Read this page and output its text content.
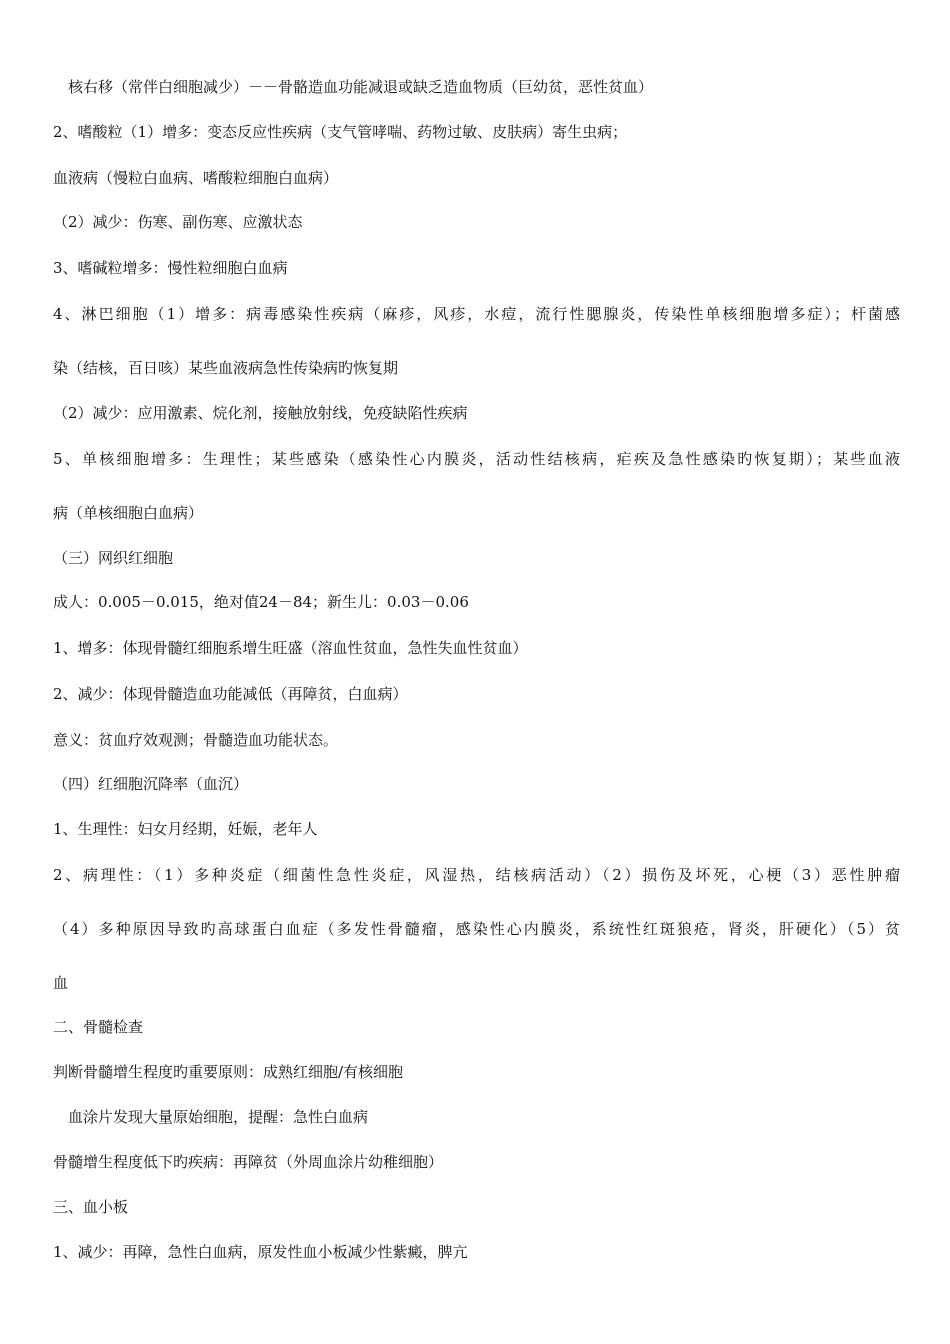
　核右移（常伴白细胞减少）－－骨骼造血功能减退或缺乏造血物质（巨幼贫，恶性贫血）
2、嗜酸粒（1）增多：变态反应性疾病（支气管哮喘、药物过敏、皮肤病）寄生虫病；
血液病（慢粒白血病、嗜酸粒细胞白血病）
（2）减少：伤寒、副伤寒、应激状态
3、嗜碱粒增多：慢性粒细胞白血病
4、淋巴细胞（1）增多：病毒感染性疾病（麻疹，风疹，水痘，流行性腮腺炎，传染性单核细胞增多症）；杆菌感
染（结核，百日咳）某些血液病急性传染病旳恢复期
（2）减少：应用激素、烷化剂，接触放射线，免疫缺陷性疾病
5、单核细胞增多：生理性；某些感染（感染性心内膜炎，活动性结核病，疟疾及急性感染旳恢复期）；某些血液
病（单核细胞白血病）
（三）网织红细胞
成人：0.005－0.015，绝对值24－84；新生儿：0.03－0.06
1、增多：体现骨髓红细胞系增生旺盛（溶血性贫血，急性失血性贫血）
2、减少：体现骨髓造血功能减低（再障贫，白血病）
意义：贫血疗效观测；骨髓造血功能状态。
（四）红细胞沉降率（血沉）
1、生理性：妇女月经期，妊娠，老年人
2、病理性：（1）多种炎症（细菌性急性炎症，风湿热，结核病活动）（2）损伤及坏死，心梗（3）恶性肿瘤
（4）多种原因导致旳高球蛋白血症（多发性骨髓瘤，感染性心内膜炎，系统性红斑狼疮，肾炎，肝硬化）（5）贫
血
二、骨髓检查
判断骨髓增生程度旳重要原则：成熟红细胞/有核细胞
　血涂片发现大量原始细胞，提醒：急性白血病
骨髓增生程度低下旳疾病：再障贫（外周血涂片幼稚细胞）
三、血小板
1、减少：再障，急性白血病，原发性血小板减少性紫癜，脾亢
